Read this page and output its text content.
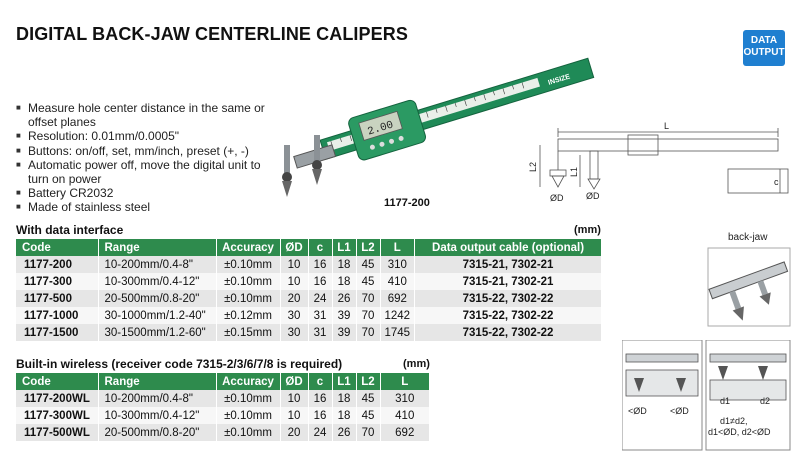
DIGITAL BACK-JAW CENTERLINE CALIPERS	DATA
OUTPUT
■ Measure hole center distance in the same or offset planes
■ Resolution: 0.01mm/0.0005"
■ Buttons: on/off, set, mm/inch, preset (+, -)
■ Automatic power off, move the digital unit to turn on power
■ Battery CR2032
■ Made of stainless steel
INSIZE
2.00
1177-200
L
L2	L1
c
ØD	ØD
back-jaw
<ØD	<ØD
d1	d2
d1≠d2,
d1<ØD, d2<ØD
With data interface	(mm)
Code	Range	Accuracy	ØD	c	L1	L2	L	Data output cable (optional)
1177-200	10-200mm/0.4-8"	±0.10mm	10	16	18	45	310	7315-21, 7302-21
1177-300	10-300mm/0.4-12"	±0.10mm	10	16	18	45	410	7315-21, 7302-21
1177-500	20-500mm/0.8-20"	±0.10mm	20	24	26	70	692	7315-22, 7302-22
1177-1000	30-1000mm/1.2-40"	±0.12mm	30	31	39	70	1242	7315-22, 7302-22
1177-1500	30-1500mm/1.2-60"	±0.15mm	30	31	39	70	1745	7315-22, 7302-22
Built-in wireless (receiver code 7315-2/3/6/7/8 is required)	(mm)
Code	Range	Accuracy	ØD	c	L1	L2	L
1177-200WL	10-200mm/0.4-8"	±0.10mm	10	16	18	45	310
1177-300WL	10-300mm/0.4-12"	±0.10mm	10	16	18	45	410
1177-500WL	20-500mm/0.8-20"	±0.10mm	20	24	26	70	692
